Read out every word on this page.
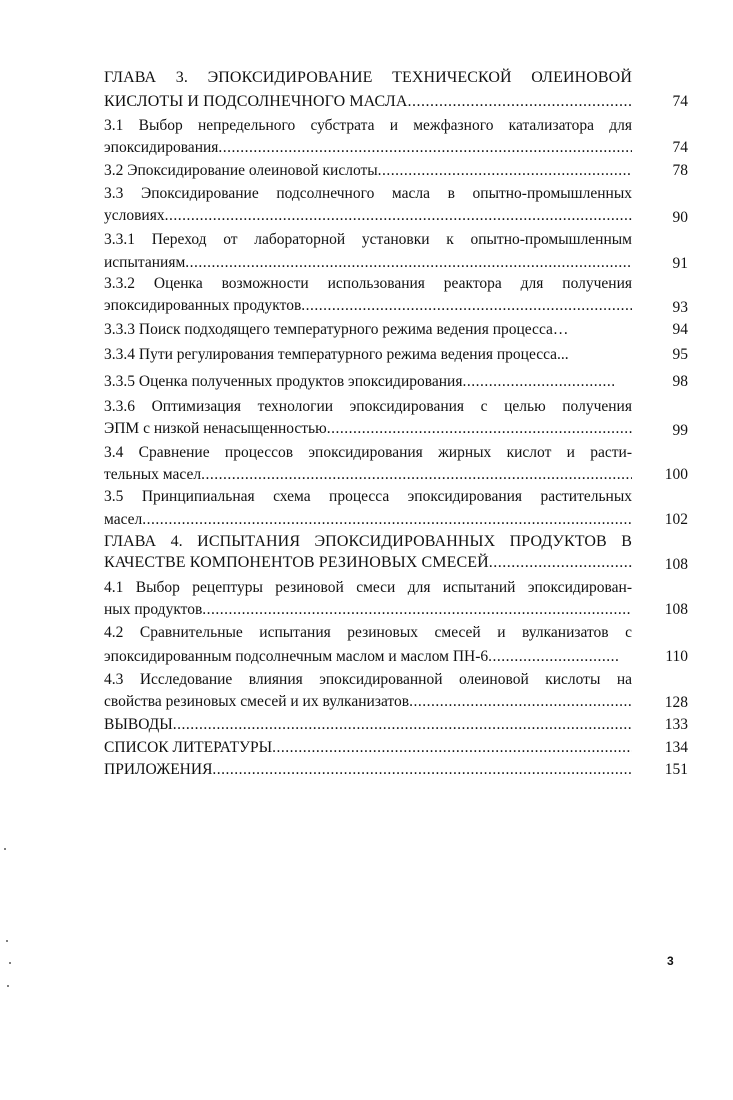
ГЛАВА 3. ЭПОКСИДИРОВАНИЕ ТЕХНИЧЕСКОЙ ОЛЕИНОВОЙ
КИСЛОТЫ И ПОДСОЛНЕЧНОГО МАСЛА .....	74
3.1 Выбор непредельного субстрата и межфазного катализатора для
эпоксидирования .....	74
3.2 Эпоксидирование олеиновой кислоты .....	78
3.3 Эпоксидирование подсолнечного масла в опытно-промышленных
условиях .....	90
3.3.1 Переход от лабораторной установки к опытно-промышленным
испытаниям .....	91
3.3.2 Оценка возможности использования реактора для получения
эпоксидированных продуктов .....	93
3.3.3 Поиск подходящего температурного режима ведения процесса…	94
3.3.4 Пути регулирования температурного режима ведения процесса...	95
3.3.5 Оценка полученных продуктов эпоксидирования .....	98
3.3.6 Оптимизация технологии эпоксидирования с целью получения
ЭПМ с низкой ненасыщенностью .....	99
3.4 Сравнение процессов эпоксидирования жирных кислот и расти-
тельных масел .....	100
3.5 Принципиальная схема процесса эпоксидирования растительных
масел .....	102
ГЛАВА 4. ИСПЫТАНИЯ ЭПОКСИДИРОВАННЫХ ПРОДУКТОВ В
КАЧЕСТВЕ КОМПОНЕНТОВ РЕЗИНОВЫХ СМЕСЕЙ .....	108
4.1 Выбор рецептуры резиновой смеси для испытаний эпоксидирован-
ных продуктов .....	108
4.2 Сравнительные испытания резиновых смесей и вулканизатов с
эпоксидированным подсолнечным маслом и маслом ПН-6 .....	110
4.3 Исследование влияния эпоксидированной олеиновой кислоты на
свойства резиновых смесей и их вулканизатов .....	128
ВЫВОДЫ .....	133
СПИСОК ЛИТЕРАТУРЫ .....	134
ПРИЛОЖЕНИЯ .....	151
3
